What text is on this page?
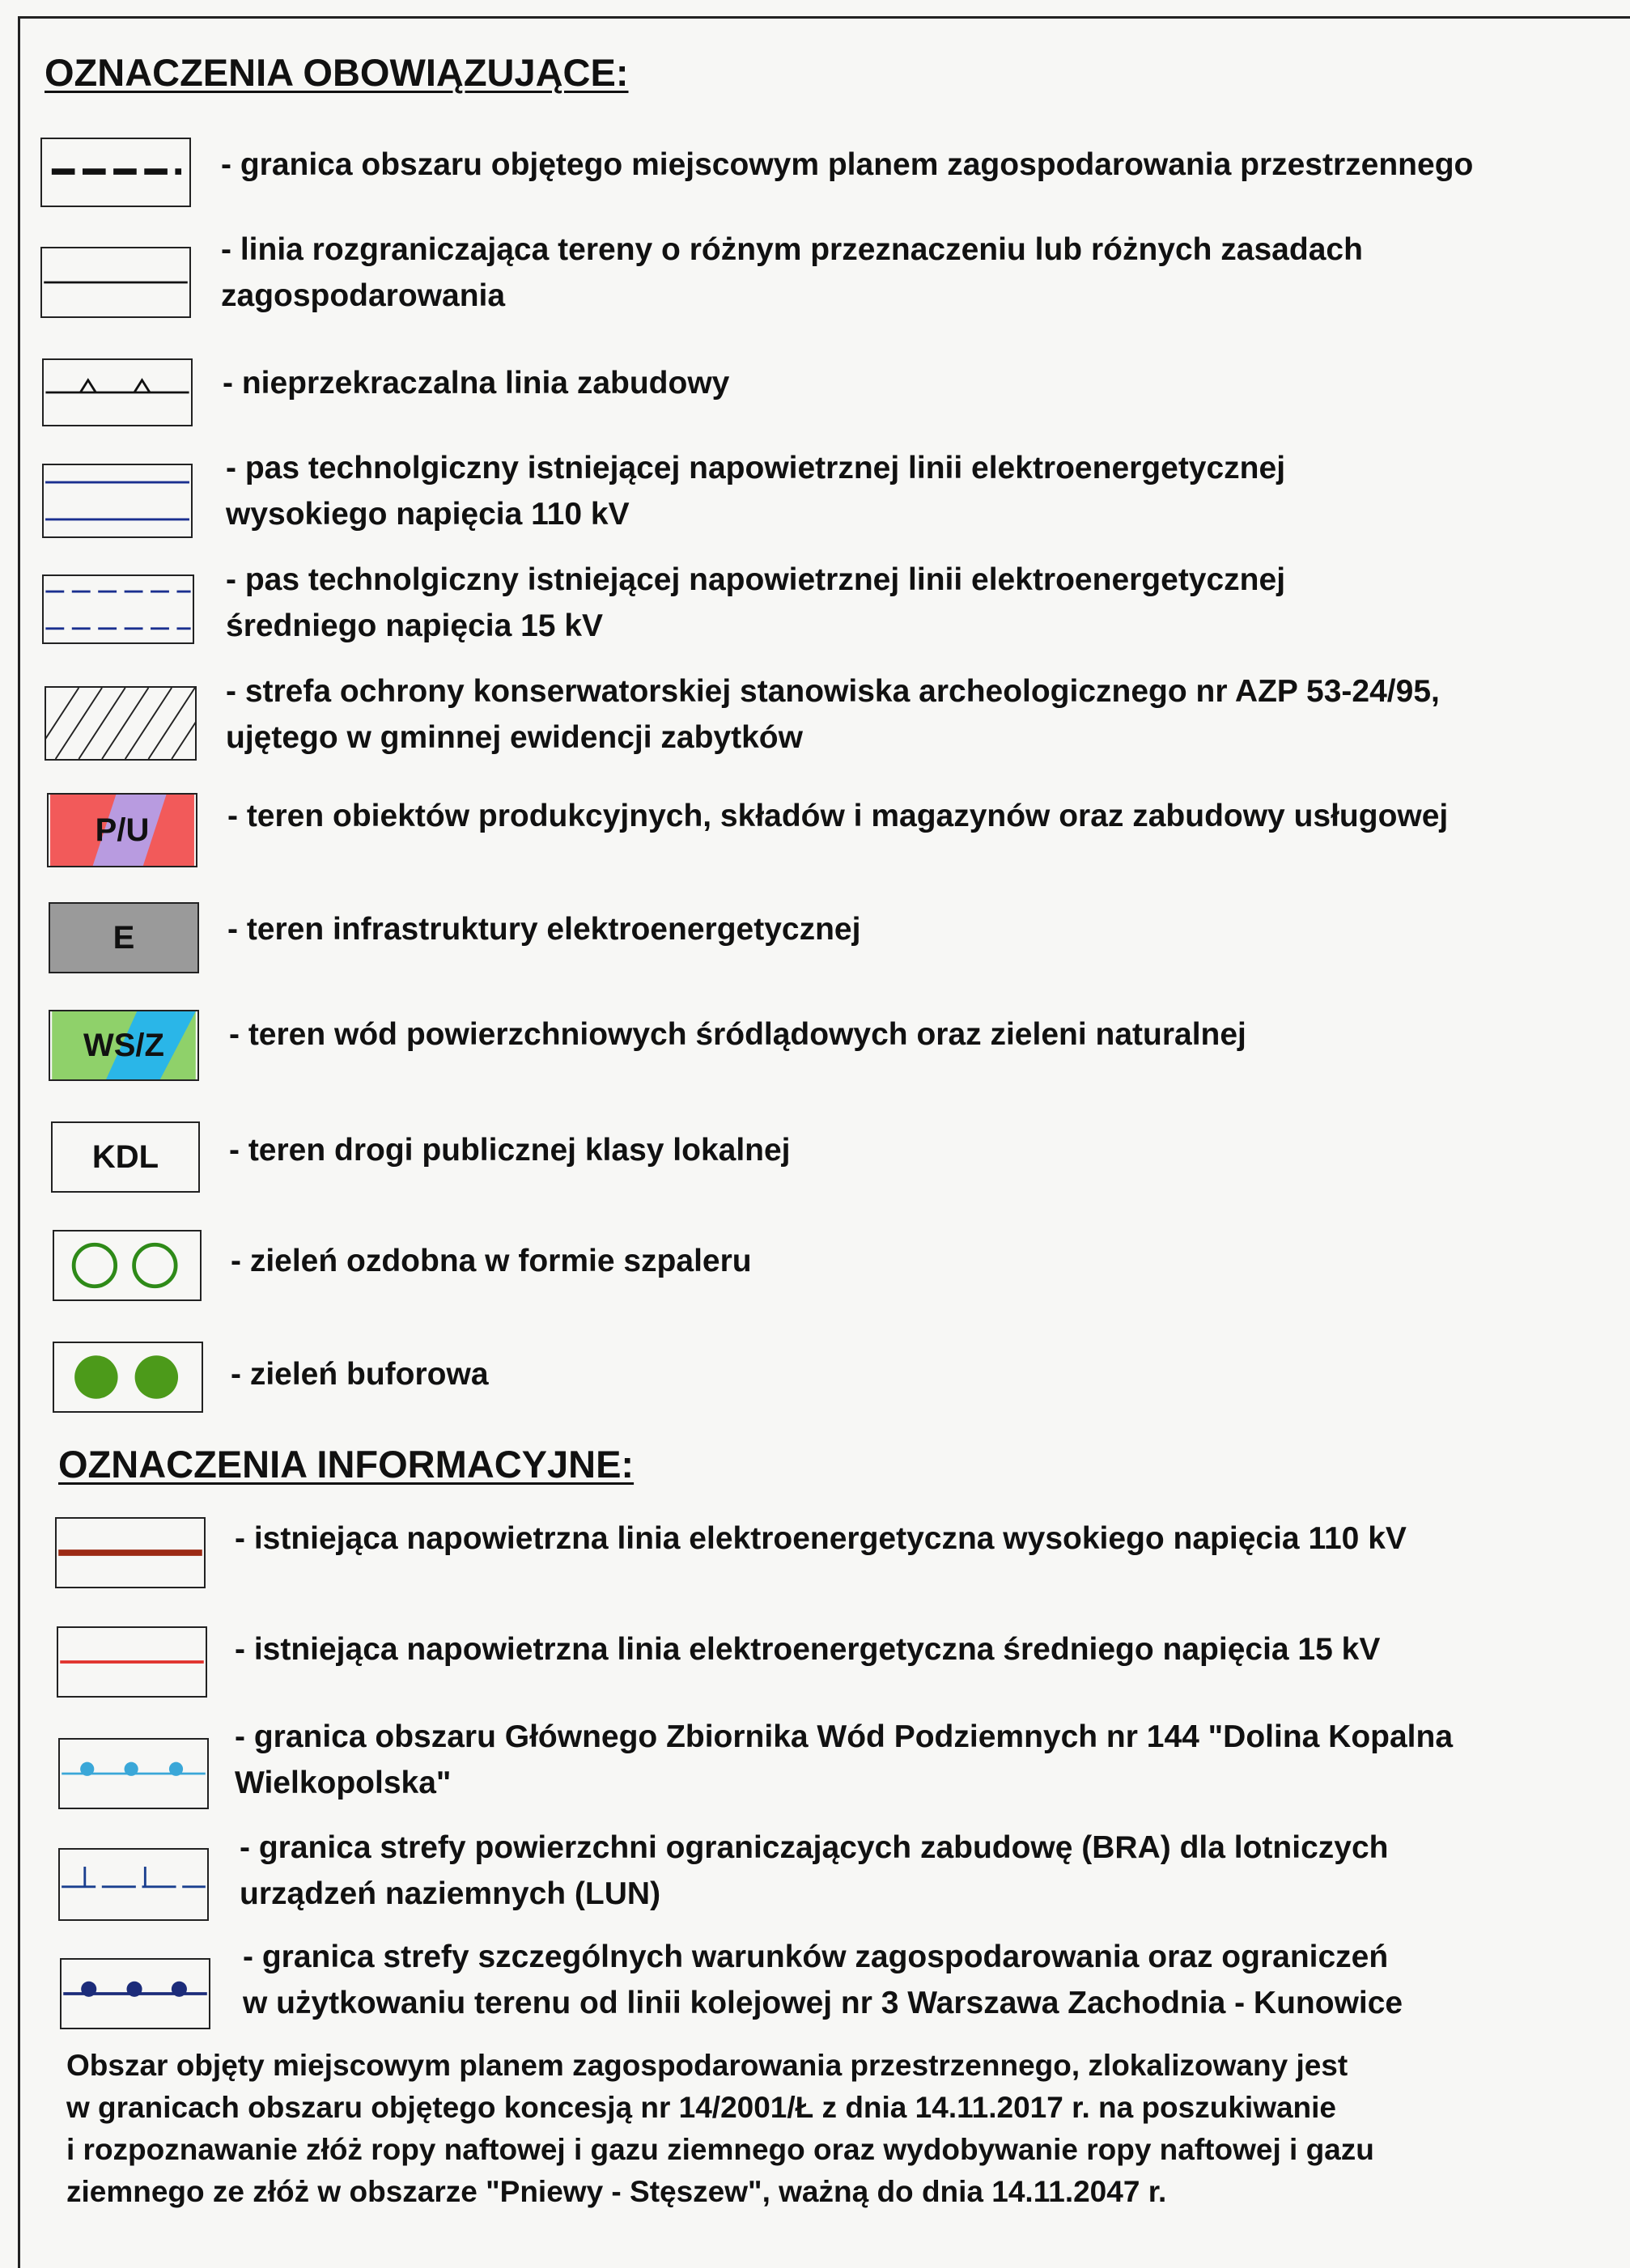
OZNACZENIA OBOWIĄZUJĄCE:
- granica obszaru objętego miejscowym planem zagospodarowania przestrzennego
- linia rozgraniczająca tereny o różnym przeznaczeniu lub różnych zasadach
zagospodarowania
- nieprzekraczalna linia zabudowy
- pas technolgiczny istniejącej napowietrznej linii elektroenergetycznej
wysokiego napięcia 110 kV
- pas technolgiczny istniejącej napowietrznej linii elektroenergetycznej
średniego napięcia 15 kV
- strefa ochrony konserwatorskiej stanowiska archeologicznego nr AZP 53-24/95,
ujętego w gminnej ewidencji zabytków
P/U	- teren obiektów produkcyjnych, składów i magazynów oraz zabudowy usługowej
E	- teren infrastruktury elektroenergetycznej
WS/Z	- teren wód powierzchniowych śródlądowych oraz zieleni naturalnej
KDL	- teren drogi publicznej klasy lokalnej
- zieleń ozdobna w formie szpaleru
- zieleń buforowa
OZNACZENIA INFORMACYJNE:
- istniejąca napowietrzna linia elektroenergetyczna wysokiego napięcia 110 kV
- istniejąca napowietrzna linia elektroenergetyczna średniego napięcia 15 kV
- granica obszaru Głównego Zbiornika Wód Podziemnych nr 144 "Dolina Kopalna
Wielkopolska"
- granica strefy powierzchni ograniczających zabudowę (BRA) dla lotniczych
urządzeń naziemnych (LUN)
- granica strefy szczególnych warunków zagospodarowania oraz ograniczeń
w użytkowaniu terenu od linii kolejowej nr 3 Warszawa Zachodnia - Kunowice
Obszar objęty miejscowym planem zagospodarowania przestrzennego, zlokalizowany jest
w granicach obszaru objętego koncesją nr 14/2001/Ł z dnia 14.11.2017 r. na poszukiwanie
i rozpoznawanie złóż ropy naftowej i gazu ziemnego oraz wydobywanie ropy naftowej i gazu
ziemnego ze złóż w obszarze "Pniewy - Stęszew", ważną do dnia 14.11.2047 r.
